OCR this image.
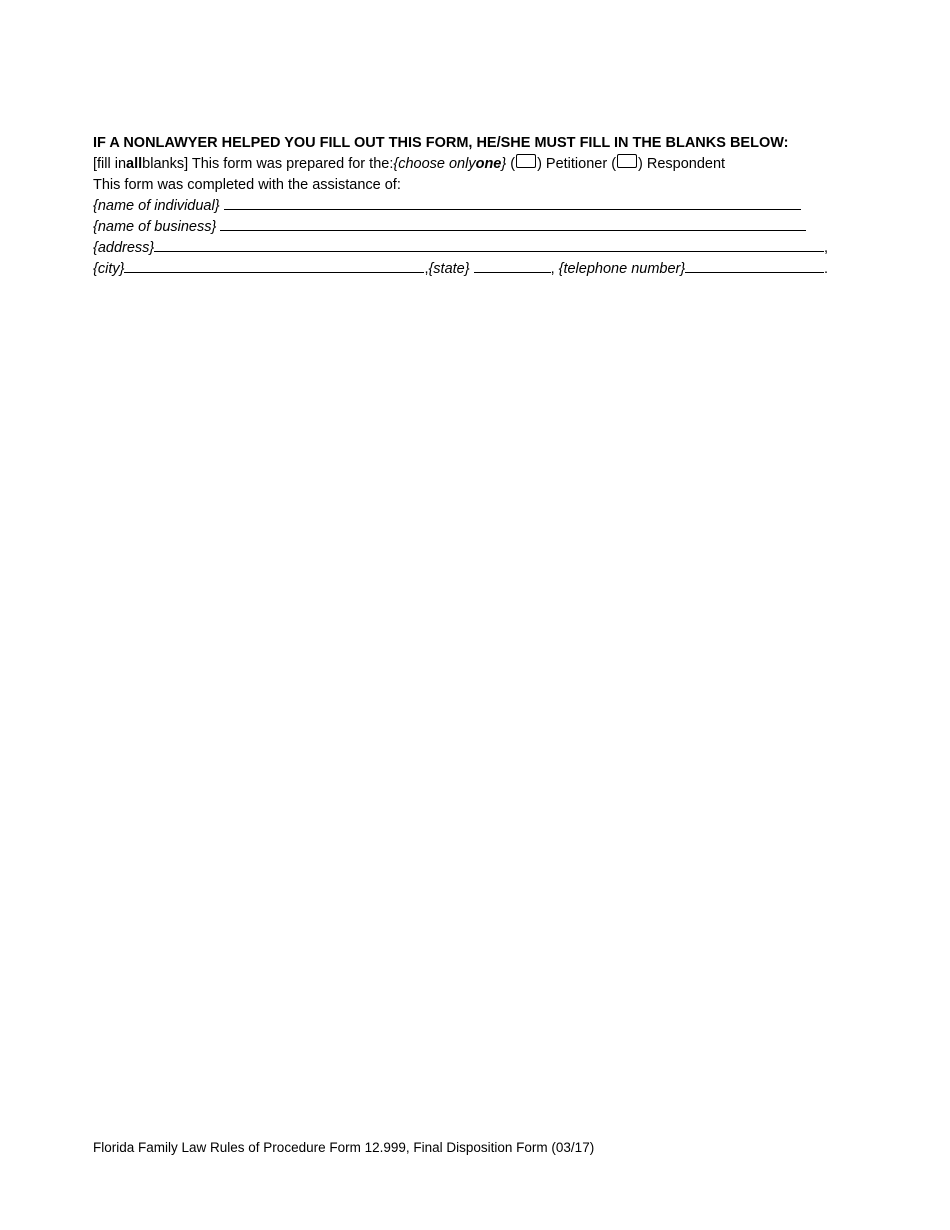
IF A NONLAWYER HELPED YOU FILL OUT THIS FORM, HE/SHE MUST FILL IN THE BLANKS BELOW:
[fill in all blanks] This form was prepared for the: {choose only one } ( ) Petitioner ( ) Respondent
This form was completed with the assistance of:
{name of individual}
{name of business}
{address}	,
{city}	, {state}	, {telephone number}	.
Florida Family Law Rules of Procedure Form 12.999, Final Disposition Form (03/17)
